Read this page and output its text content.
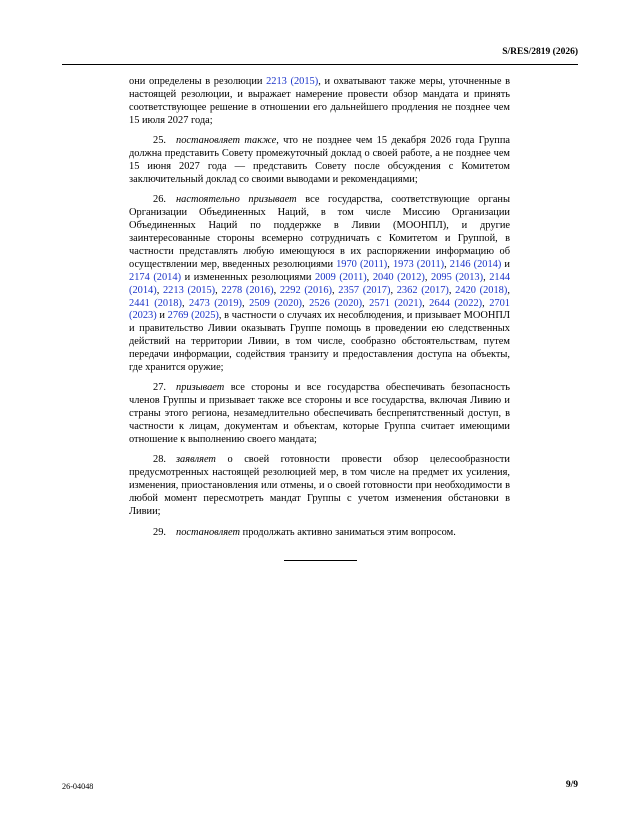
S/RES/2819 (2026)

они определены в резолюции 2213 (2015), и охватывают также меры, уточненные в настоящей резолюции, и выражает намерение провести обзор мандата и принять соответствующее решение в отношении его дальнейшего продления не позднее чем 15 июля 2027 года;

25. постановляет также, что не позднее чем 15 декабря 2026 года Группа должна представить Совету промежуточный доклад о своей работе, а не позднее чем 15 июня 2027 года — представить Совету после обсуждения с Комитетом заключительный доклад со своими выводами и рекомендациями;

26. настоятельно призывает все государства, соответствующие органы Организации Объединенных Наций, в том числе Миссию Организации Объединенных Наций по поддержке в Ливии (МООНПЛ), и другие заинтересованные стороны всемерно сотрудничать с Комитетом и Группой, в частности представлять любую имеющуюся в их распоряжении информацию об осуществлении мер, введенных резолюциями 1970 (2011), 1973 (2011), 2146 (2014) и 2174 (2014) и измененных резолюциями 2009 (2011), 2040 (2012), 2095 (2013), 2144 (2014), 2213 (2015), 2278 (2016), 2292 (2016), 2357 (2017), 2362 (2017), 2420 (2018), 2441 (2018), 2473 (2019), 2509 (2020), 2526 (2020), 2571 (2021), 2644 (2022), 2701 (2023) и 2769 (2025), в частности о случаях их несоблюдения, и призывает МООНПЛ и правительство Ливии оказывать Группе помощь в проведении ею следственных действий на территории Ливии, в том числе, сообразно обстоятельствам, путем передачи информации, содействия транзиту и предоставления доступа на объекты, где хранится оружие;

27. призывает все стороны и все государства обеспечивать безопасность членов Группы и призывает также все стороны и все государства, включая Ливию и страны этого региона, незамедлительно обеспечивать беспрепятственный доступ, в частности к лицам, документам и объектам, которые Группа считает имеющими отношение к выполнению своего мандата;

28. заявляет о своей готовности провести обзор целесообразности предусмотренных настоящей резолюцией мер, в том числе на предмет их усиления, изменения, приостановления или отмены, и о своей готовности при необходимости в любой момент пересмотреть мандат Группы с учетом изменения обстановки в Ливии;

29. постановляет продолжать активно заниматься этим вопросом.

26-04048	9/9
